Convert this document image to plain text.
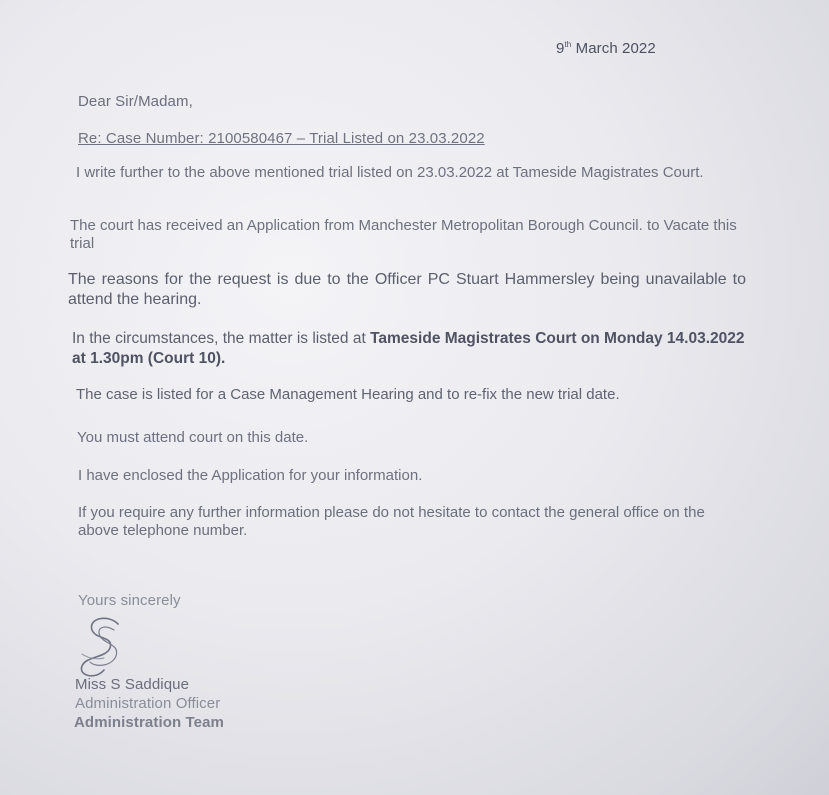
9th March 2022
Dear Sir/Madam,
Re: Case Number: 2100580467 – Trial Listed on 23.03.2022
I write further to the above mentioned trial listed on 23.03.2022 at Tameside Magistrates Court.
The court has received an Application from Manchester Metropolitan Borough Council. to Vacate this trial
The reasons for the request is due to the Officer PC Stuart Hammersley being unavailable to attend the hearing.
In the circumstances, the matter is listed at Tameside Magistrates Court on Monday 14.03.2022 at 1.30pm (Court 10).
The case is listed for a Case Management Hearing and to re-fix the new trial date.
You must attend court on this date.
I have enclosed the Application for your information.
If you require any further information please do not hesitate to contact the general office on the above telephone number.
Yours sincerely
Miss S Saddique
Administration Officer
Administration Team
